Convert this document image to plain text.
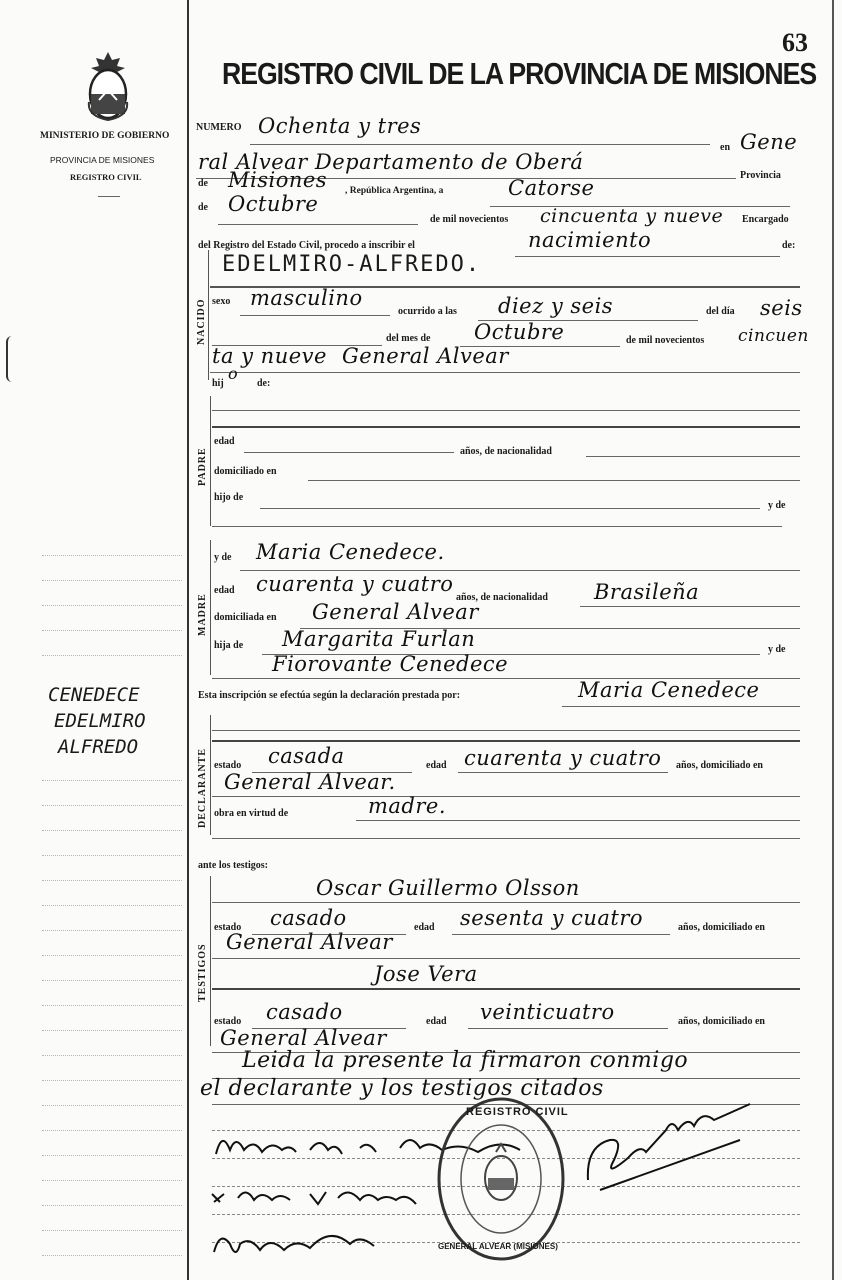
63
MINISTERIO DE GOBIERNO
PROVINCIA DE MISIONES
REGISTRO CIVIL
REGISTRO CIVIL DE LA PROVINCIA DE MISIONES
NUMERO Ochenta y tres
en Gene
ral Alvear Departamento de Oberá
Provincia
de Misiones , República Argentina, a	Catorse
de Octubre
de mil novecientos cincuenta y nueve Encargado
del Registro del Estado Civil, procedo a inscribir el	nacimiento	de:
NACIDO
EDELMIRO-ALFREDO.
sexo masculino
ocurrido a las diez y seis	del día seis
del mes de Octubre	de mil novecientos cincuen
ta y nueve General Alvear
hij
o
de:
PADRE
edad
años, de nacionalidad
domiciliado en
hijo de
y de
MADRE
y de Maria Cenedece.
edad cuarenta y cuatro
años, de nacionalidad Brasileña
domiciliada en General Alvear
hija de Margarita Furlan	y de
Fiorovante Cenedece
CENEDECE
EDELMIRO
ALFREDO
Esta inscripción se efectúa según la declaración prestada por:	Maria Cenedece
DECLARANTE estado casada	edad cuarenta y cuatro años, domiciliado en
General Alvear.
obra en virtud de	madre.
ante los testigos:
TESTIGOS
Oscar Guillermo Olsson
estado casado	edad sesenta y cuatro	años, domiciliado en
General Alvear
Jose Vera
estado casado	edad veinticuatro	años, domiciliado en
General Alvear
Leida la presente la firmaron conmigo
el declarante y los testigos citados
REGISTRO CIVIL
GENERAL ALVEAR (MISIONES)
